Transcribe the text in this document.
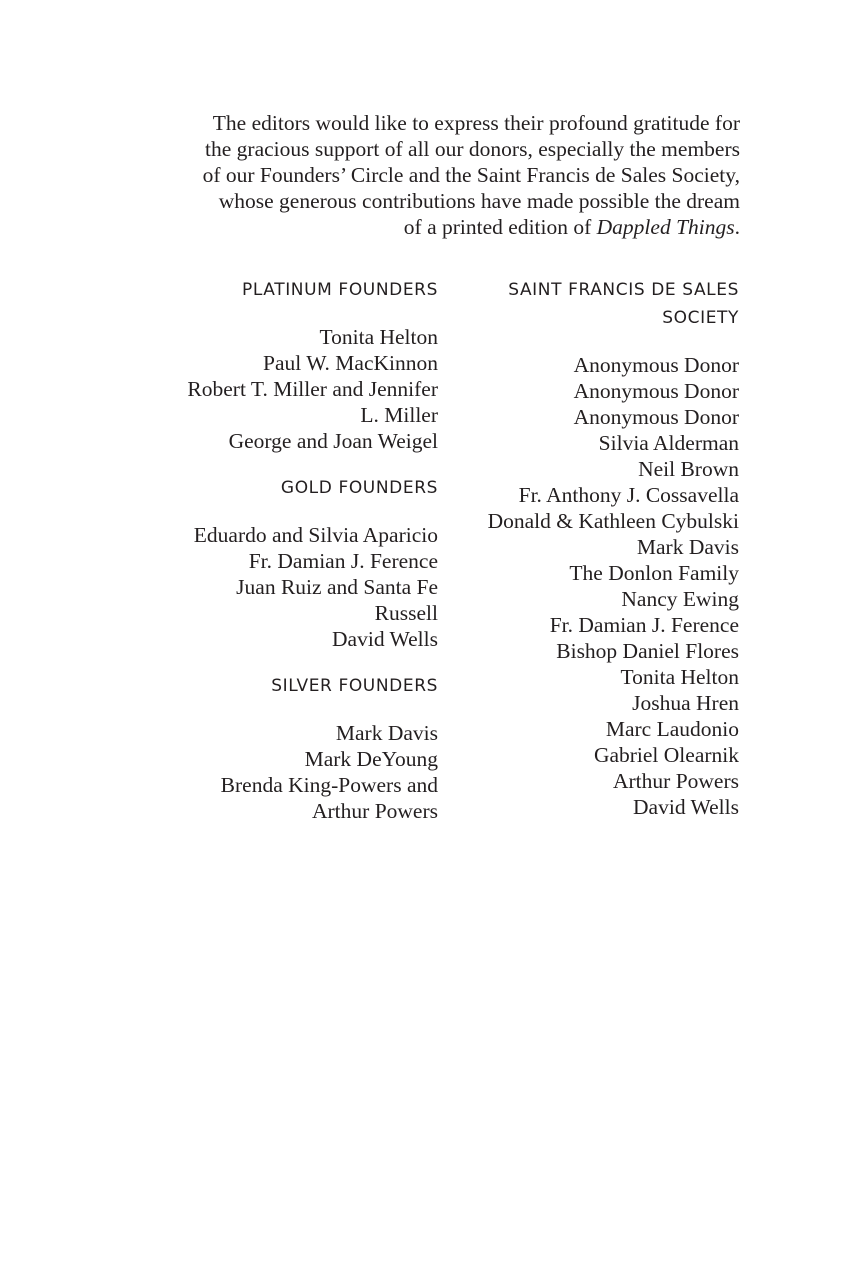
The editors would like to express their profound gratitude for
the gracious support of all our donors, especially the members
of our Founders’ Circle and the Saint Francis de Sales Society,
whose generous contributions have made possible the dream
of a printed edition of Dappled Things.
PLATINUM FOUNDERS
Tonita Helton
Paul W. MacKinnon
Robert T. Miller and Jennifer
L. Miller
George and Joan Weigel
GOLD FOUNDERS
Eduardo and Silvia Aparicio
Fr. Damian J. Ference
Juan Ruiz and Santa Fe
Russell
David Wells
SILVER FOUNDERS
Mark Davis
Mark DeYoung
Brenda King-Powers and
Arthur Powers
SAINT FRANCIS DE SALES
SOCIETY
Anonymous Donor
Anonymous Donor
Anonymous Donor
Silvia Alderman
Neil Brown
Fr. Anthony J. Cossavella
Donald & Kathleen Cybulski
Mark Davis
The Donlon Family
Nancy Ewing
Fr. Damian J. Ference
Bishop Daniel Flores
Tonita Helton
Joshua Hren
Marc Laudonio
Gabriel Olearnik
Arthur Powers
David Wells
